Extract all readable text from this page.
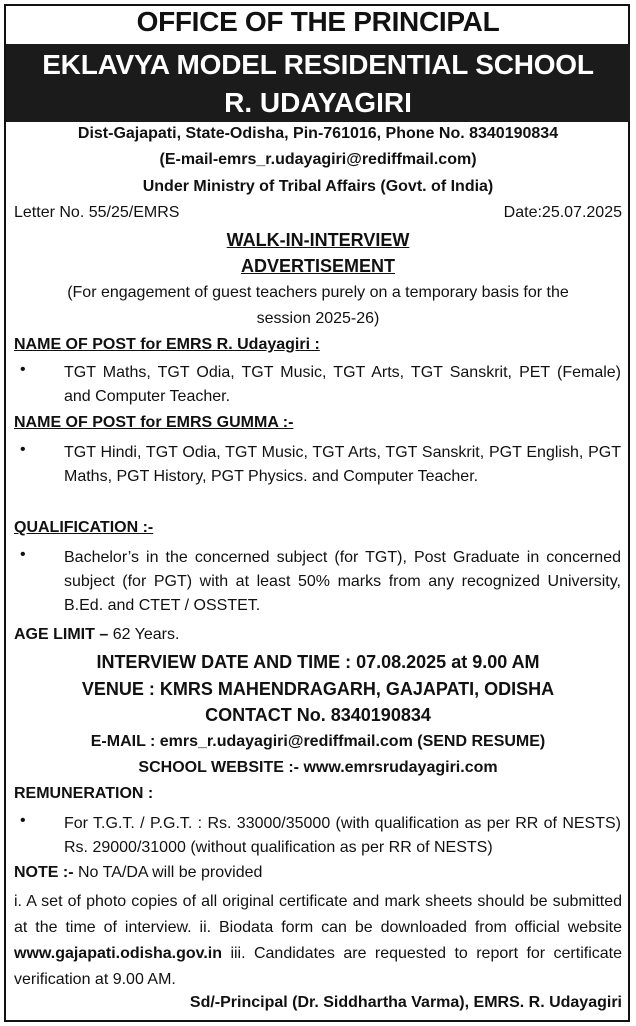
OFFICE OF THE PRINCIPAL
EKLAVYA MODEL RESIDENTIAL SCHOOL
R. UDAYAGIRI
Dist-Gajapati, State-Odisha, Pin-761016, Phone No. 8340190834
(E-mail-emrs_r.udayagiri@rediffmail.com)
Under Ministry of Tribal Affairs (Govt. of India)
Letter No. 55/25/EMRS	Date:25.07.2025
WALK-IN-INTERVIEW
ADVERTISEMENT
(For engagement of guest teachers purely on a temporary basis for the
session 2025-26)
NAME OF POST for EMRS R. Udayagiri :
• TGT Maths, TGT Odia, TGT Music, TGT Arts, TGT Sanskrit, PET (Female) and Computer Teacher.
NAME OF POST for EMRS GUMMA :-
• TGT Hindi, TGT Odia, TGT Music, TGT Arts, TGT Sanskrit, PGT English, PGT Maths, PGT History, PGT Physics. and Computer Teacher.
QUALIFICATION :-
• Bachelor’s in the concerned subject (for TGT), Post Graduate in concerned subject (for PGT) with at least 50% marks from any recognized University, B.Ed. and CTET / OSSTET.
AGE LIMIT – 62 Years.
INTERVIEW DATE AND TIME : 07.08.2025 at 9.00 AM
VENUE : KMRS MAHENDRAGARH, GAJAPATI, ODISHA
CONTACT No. 8340190834
E-MAIL : emrs_r.udayagiri@rediffmail.com (SEND RESUME)
SCHOOL WEBSITE :- www.emrsrudayagiri.com
REMUNERATION :
• For T.G.T. / P.G.T. : Rs. 33000/35000 (with qualification as per RR of NESTS) Rs. 29000/31000 (without qualification as per RR of NESTS)
NOTE :- No TA/DA will be provided
i. A set of photo copies of all original certificate and mark sheets should be submitted at the time of interview. ii. Biodata form can be downloaded from official website www.gajapati.odisha.gov.in iii. Candidates are requested to report for certificate verification at 9.00 AM.
Sd/-Principal (Dr. Siddhartha Varma), EMRS. R. Udayagiri
